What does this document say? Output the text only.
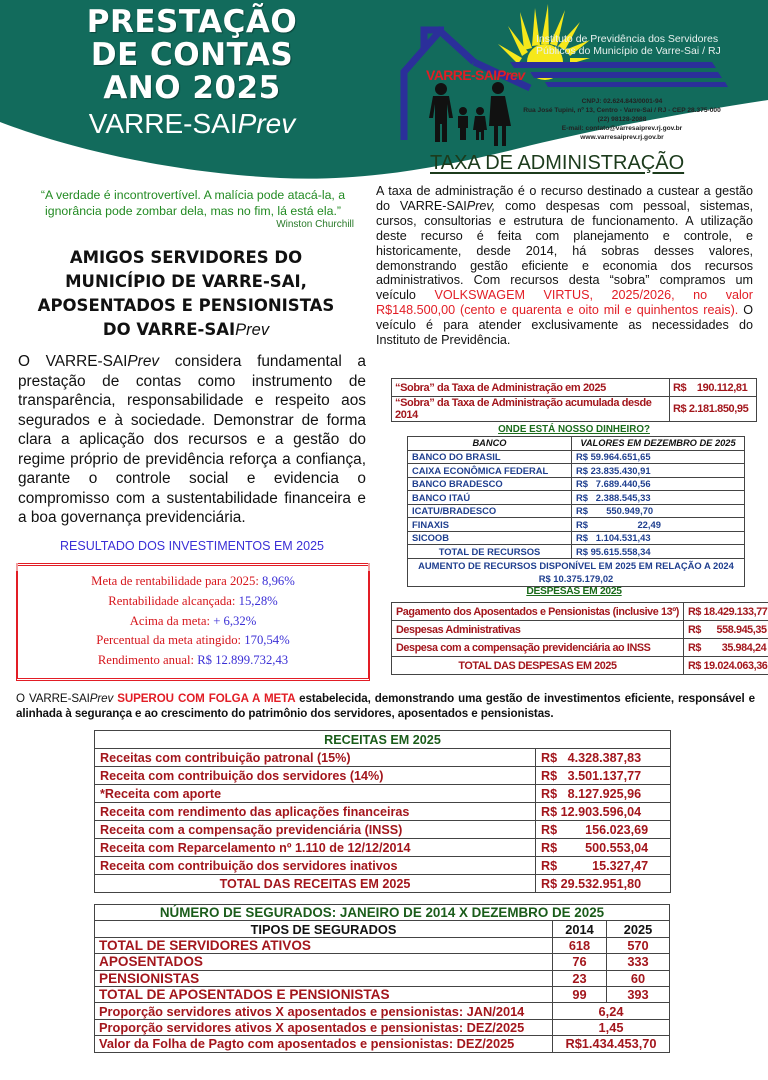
PRESTAÇÃO
DE CONTAS
ANO 2025
VARRE-SAIPrev
VARRE-SAIPrev
Instituto de Previdência dos Servidores
Públicos do Município de Varre-Sai / RJ
CNPJ: 02.624.843/0001-94
Rua José Tupini, nº 13, Centro - Varre-Sai / RJ - CEP 28.375-000
(22) 98128-2088
E-mail: contato@varresaiprev.rj.gov.br
www.varresaiprev.rj.gov.br
TAXA DE ADMINISTRAÇÃO
“A verdade é incontrovertível. A malícia pode atacá-la, a ignorância pode zombar dela, mas no fim, lá está ela.”
Winston Churchill
AMIGOS SERVIDORES DO
MUNICÍPIO DE VARRE-SAI,
APOSENTADOS E PENSIONISTAS
DO VARRE-SAIPrev
O VARRE-SAIPrev considera fundamental a prestação de contas como instrumento de transparência, responsabilidade e respeito aos segurados e à sociedade. Demonstrar de forma clara a aplicação dos recursos e a gestão do regime próprio de previdência reforça a confiança, garante o controle social e evidencia o compromisso com a sustentabilidade financeira e a boa governança previdenciária.
RESULTADO DOS INVESTIMENTOS EM 2025
Meta de rentabilidade para 2025: 8,96%
Rentabilidade alcançada: 15,28%
Acima da meta: + 6,32%
Percentual da meta atingido: 170,54%
Rendimento anual: R$ 12.899.732,43
A taxa de administração é o recurso destinado a custear a gestão do VARRE-SAIPrev, como despesas com pessoal, sistemas, cursos, consultorias e estrutura de funcionamento. A utilização deste recurso é feita com planejamento e controle, e historicamente, desde 2014, há sobras desses valores, demonstrando gestão eficiente e economia dos recursos administrativos. Com recursos desta “sobra” compramos um veículo VOLKSWAGEM VIRTUS, 2025/2026, no valor R$148.500,00 (cento e quarenta e oito mil e quinhentos reais). O veículo é para atender exclusivamente as necessidades do Instituto de Previdência.
“Sobra” da Taxa de Administração em 2025	R$    190.112,81
“Sobra” da Taxa de Administração acumulada desde 2014	R$ 2.181.850,95
ONDE ESTÁ NOSSO DINHEIRO?
BANCO	VALORES EM DEZEMBRO DE 2025
BANCO DO BRASIL	R$ 59.964.651,65
CAIXA ECONÔMICA FEDERAL	R$ 23.835.430,91
BANCO BRADESCO	R$   7.689.440,56
BANCO ITAÚ	R$   2.388.545,33
ICATU/BRADESCO	R$       550.949,70
FINAXIS	R$                   22,49
SICOOB	R$   1.104.531,43
TOTAL DE RECURSOS	R$ 95.615.558,34

AUMENTO DE RECURSOS DISPONÍVEL EM 2025 EM RELAÇÃO A 2024
R$ 10.375.179,02	
DESPESAS EM 2025
Pagamento dos Aposentados e Pensionistas (inclusive 13º)	R$ 18.429.133,77
Despesas Administrativas	R$      558.945,35
Despesa com a compensação previdenciária ao INSS	R$        35.984,24
TOTAL DAS DESPESAS EM 2025	R$ 19.024.063,36
O VARRE-SAIPrev SUPEROU COM FOLGA A META estabelecida, demonstrando uma gestão de investimentos eficiente, responsável e alinhada à segurança e ao crescimento do patrimônio dos servidores, aposentados e pensionistas.
RECEITAS EM 2025	
Receitas com contribuição patronal (15%)	R$   4.328.387,83
Receita com contribuição dos servidores (14%)	R$   3.501.137,77
*Receita com aporte	R$   8.127.925,96
Receita com rendimento das aplicações financeiras	R$ 12.903.596,04
Receita com a compensação previdenciária (INSS)	R$        156.023,69
Receita com Reparcelamento nº 1.110 de 12/12/2014	R$        500.553,04
Receita com contribuição dos servidores inativos	R$          15.327,47
TOTAL DAS RECEITAS EM 2025	R$ 29.532.951,80
NÚMERO DE SEGURADOS: JANEIRO DE 2014 X DEZEMBRO DE 2025		
TIPOS DE SEGURADOS	2014	2025
TOTAL DE SERVIDORES ATIVOS	618	570
APOSENTADOS	76	333
PENSIONISTAS	23	60
TOTAL DE APOSENTADOS E PENSIONISTAS	99	393
Proporção servidores ativos X aposentados e pensionistas: JAN/2014	6,24	
Proporção servidores ativos X aposentados e pensionistas: DEZ/2025	1,45	
Valor da Folha de Pagto com aposentados e pensionistas: DEZ/2025	R$1.434.453,70	
